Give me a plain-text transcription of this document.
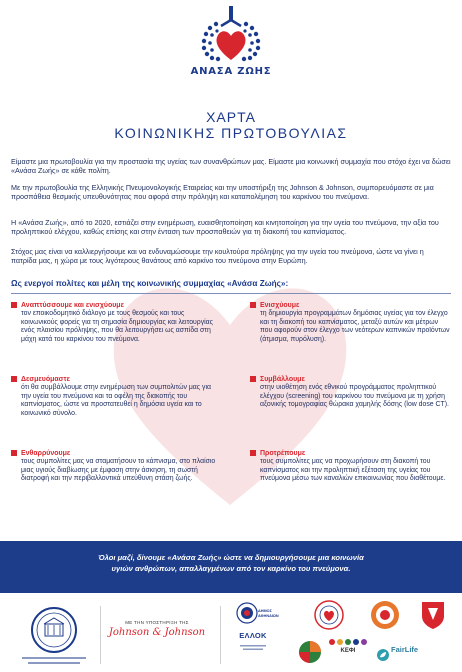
ΑΝΑΣΑ ΖΩΗΣ
ΧΑΡΤΑ
ΚΟΙΝΩΝΙΚΗΣ ΠΡΩΤΟΒΟΥΛΙΑΣ

Είμαστε μια πρωτοβουλία για την προστασία της υγείας των συνανθρώπων μας. Είμαστε μια κοινωνική συμμαχία που στόχο έχει να δώσει «Ανάσα Ζωής» σε κάθε πολίτη.

Με την πρωτοβουλία της Ελληνικής Πνευμονολογικής Εταιρείας και την υποστήριξη της Johnson & Johnson, συμπορευόμαστε σε μια προσπάθεια θεσμικής υπευθυνότητας που αφορά στην πρόληψη και καταπολέμηση του καρκίνου του πνεύμονα.

Η «Ανάσα Ζωής», από το 2020, εστιάζει στην ενημέρωση, ευαισθητοποίηση και κινητοποίηση για την υγεία του πνεύμονα, την αξία του προληπτικού ελέγχου, καθώς επίσης και στην ένταση των προσπαθειών για τη διακοπή του καπνίσματος.

Στόχος μας είναι να καλλιεργήσουμε και να ενδυναμώσουμε την κουλτούρα πρόληψης για την υγεία του πνεύμονα, ώστε να γίνει η πατρίδα μας, η χώρα με τους λιγότερους θανάτους από καρκίνο του πνεύμονα στην Ευρώπη.

Ως ενεργοί πολίτες και μέλη της κοινωνικής συμμαχίας «Ανάσα Ζωής»:
Αναπτύσσουμε και ενισχύουμε
τον εποικοδομητικό διάλογο με τους θεσμούς και τους κοινωνικούς φορείς για τη σημασία δημιουργίας και λειτουργίας ενός πλαισίου πρόληψης, που θα λειτουργήσει ως ασπίδα στη μάχη κατά του καρκίνου του πνεύμονα.
Ενισχύουμε
τη δημιουργία προγραμμάτων δημόσιας υγείας για τον έλεγχο και τη διακοπή του καπνίσματος, μεταξύ αυτών και μέτρων που αφορούν στον έλεγχο των νεότερων καπνικών προϊόντων (άτμισμα, πυρόλυση).
Δεσμευόμαστε
ότι θα συμβάλλουμε στην ενημέρωση των συμπολιτών μας για την υγεία του πνεύμονα και τα οφέλη της διακοπής του καπνίσματος, ώστε να προστατευθεί η δημόσια υγεία και το κοινωνικό σύνολο.
Συμβάλλουμε
στην υιοθέτηση ενός εθνικού προγράμματος προληπτικού ελέγχου (screening) του καρκίνου του πνεύμονα με τη χρήση αξονικής τομογραφίας θώρακα χαμηλής δόσης (low dose CT).
Ενθαρρύνουμε
τους συμπολίτες μας να σταματήσουν το κάπνισμα, στο πλαίσιο μιας υγιούς διαβίωσης με έμφαση στην άσκηση, τη σωστή διατροφή και την περιβαλλοντικά υπεύθυνη στάση ζωής.
Προτρέπουμε
τους συμπολίτες μας να προχωρήσουν στη διακοπή του καπνίσματος και την προληπτική εξέταση της υγείας του πνεύμονα μέσω των καναλιών επικοινωνίας που διαθέτουμε.
Όλοι μαζί, δίνουμε «Ανάσα Ζωής» ώστε να δημιουργήσουμε μια κοινωνία
υγιών ανθρώπων, απαλλαγμένων από τον καρκίνο του πνεύμονα.

ΜΕ ΤΗΝ ΥΠΟΣΤΗΡΙΞΗ ΤΗΣ
Johnson & Johnson
ΔΗΜΟΣ ΑΘΗΝΑΙΩΝ
ΕΛΛΟΚ
ΚΕΦΙ	FairLife
